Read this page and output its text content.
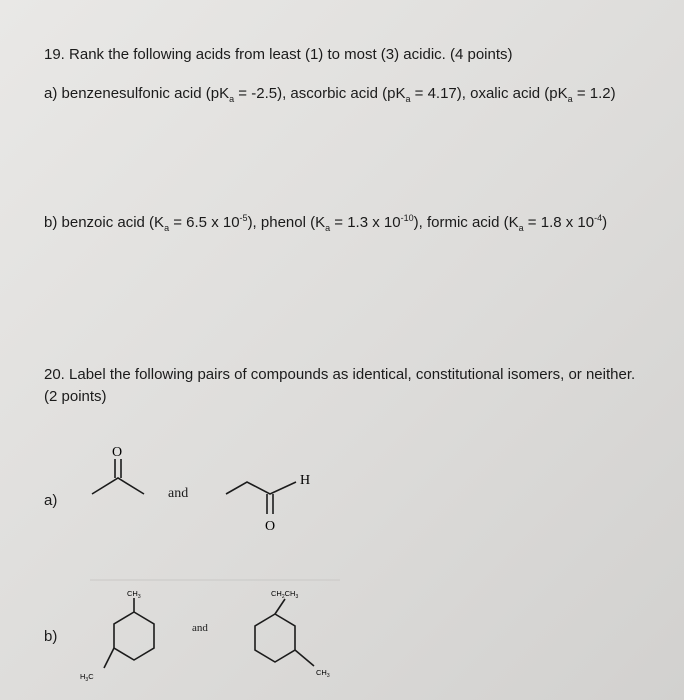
19. Rank the following acids from least (1) to most (3) acidic. (4 points)
a) benzenesulfonic acid $(pK_a = -2.5)$, ascorbic acid $(pK_a = 4.17)$, oxalic acid $(pK_a = 1.2)$
b) benzoic acid ($K_a = 6.5$ x $10^{-5}$), phenol ($K_a = 1.3$ x $10^{-10}$), formic acid ($K_a = 1.8$ x $10^{-4}$)
20. Label the following pairs of compounds as identical, constitutional isomers, or neither. (2 points)
a)
b)
and
and
O
H
O
$CH_3$
$H_3C$
$CH_2CH_3$
$CH_3$
